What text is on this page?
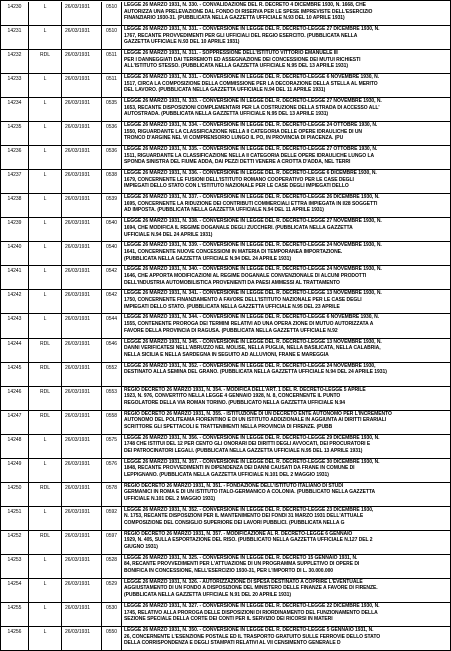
14230	L	26/03/1931	0510	LEGGE 26 MARZO 1931, N. 330. - CONVALIDAZIONE DEL R. DECRETO 4 DICEMBRE 1930, N. 1668, CHE
AUTORIZZA UNA PRELEVAZIONE DAL FONDO DI RISERVA PER LE SPESE IMPREVISTE DELL'ESERCIZIO
FINANZIARIO 1930-31. (PUBBLICATA NELLA GAZZETTA UFFICIALE N.93 DEL 10 APRILE 1931)
14231	L	26/03/1931	0510	LEGGE 26 MARZO 1931, N. 331. - CONVERSIONE IN LEGGE DEL R. DECRETO-LEGGE 27 DICEMBRE 1930, N.
1767, RECANTE PROVVEDIMENTI PER GLI UFFICIALI DEL REGIO ESERCITO. (PUBBLICATA NELLA
GAZZETTA UFFICIALE N.93 DEL 10 APRILE 1931)
14232	RDL	26/03/1931	0511	LEGGE 26 MARZO 1931, N. 311. - SOPPRESSIONE DELL'ISTITUTO VITTORIO EMANUELE III
PER I DANNEGGIATI DAI TERREMOTI ED ASSEGNAZIONE DEI CONCESSIONE DEI MUTUI RICHIESTI
ALL'ISTITUTO STESSO. (PUBBLICATA NELLA GAZZETTA UFFICIALE N.95 DEL 13 APRILE 1931)
14233	L	26/03/1931	0511	LEGGE 26 MARZO 1931, N. 331. - CONVERSIONE IN LEGGE DEL R. DECRETO-LEGGE 6 NOVEMBRE 1930, N.
1517, CIRCA LA COMPOSIZIONE DELLA COMMISSIONE PER LA DECORAZIONE DELLA STELLA AL MERITO
DEL LAVORO. (PUBBLICATA NELLA GAZZETTA UFFICIALE N.94 DEL 11 APRILE 1931)
14234	L	26/03/1931	0535	LEGGE 26 MARZO 1931, N. 333. - CONVERSIONE IN LEGGE DEL R. DECRETO-LEGGE 27 NOVEMBRE 1930, N.
1653, RECANTE DISPOSIZIONI COMPLEMENTARI PER LA COSTRUZIONE DELLA STRADA DI ACCESSO ALL'
AUTOSTRADA. (PUBBLICATA NELLA GAZZETTA UFFICIALE N.95 DEL 13 APRILE 1931)
14235	L	26/03/1931	0536	LEGGE 26 MARZO 1931, N. 334. - CONVERSIONE IN LEGGE DEL R. DECRETO-LEGGE 24 OTTOBRE 1930, N.
1550, RIGUARDANTE LA CLASSIFICAZIONE NELLA II CATEGORIA DELLE OPERE IDRAULICHE DI UN
TRONCO D'ARGINE NEL VI COMPRENSORIO LUNGO IL PO, IN PROVINCIA DI PIACENZA. (PU
14236	L	26/03/1931	0536	LEGGE 26 MARZO 1931, N. 335. - CONVERSIONE IN LEGGE DEL R. DECRETO-LEGGE 27 OTTOBRE 1930, N.
1511, RIGUARDANTE LA CLASSIFICAZIONE NELLA II CATEGORIA DELLE OPERE IDRAULICHE LUNGO LA
SPONDA SINISTRA DEL FIUME ADDA, DAI PEZZI DETTI VENERE A CROTTA D'ADDA, NEL TERRI
14237	L	26/03/1931	0538	LEGGE 26 MARZO 1931, N. 336. - CONVERSIONE IN LEGGE DEL R. DECRETO-LEGGE 6 DICEMBRE 1930, N.
1679, CONCERNENTE LE FUSIONI DELL'ISTITUTO ROMANO COOPERATIVO PER LE CASE DEGLI
IMPIEGATI DELLO STATO CON L'ISTITUTO NAZIONALE PER LE CASE DEGLI IMPIEGATI DELLO
14238	L	26/03/1931	0539	LEGGE 26 MARZO 1931, N. 337. - CONVERSIONE IN LEGGE DEL R. DECRETO-LEGGE 26 DICEMBRE 1930, N.
1695, CONCERNENTE LA RIDUZIONE DEI CONTRIBUTI COMMERCIALI ETTRA IMPIEGATA IN I/28 SOGGETTI
AD IMPOSTA. (PUBBLICATA NELLA GAZZETTA UFFICIALE N.94 DEL 11 APRILE 1931)
14239	L	26/03/1931	0540	LEGGE 26 MARZO 1931, N. 338. - CONVERSIONE IN LEGGE DEL R. DECRETO-LEGGE 27 NOVEMBRE 1930, N.
1694, CHE MODIFICA IL REGIME DOGANALE DEGLI ZUCCHERI. (PUBBLICATA NELLA GAZZETTA
UFFICIALE N.94 DEL 24 APRILE 1931)
14240	L	26/03/1931	0540	LEGGE 26 MARZO 1931, N. 339. - CONVERSIONE IN LEGGE DEL R. DECRETO-LEGGE 24 NOVEMBRE 1930, N.
1641, CONCERNENTE NUOVE CONCESSIONI IN MATERIA DI TEMPORANEA IMPORTAZIONE.
(PUBBLICATA NELLA GAZZETTA UFFICIALE N.94 DEL 24 APRILE 1931)
14241	L	26/03/1931	0542	LEGGE 26 MARZO 1931, N. 340. - CONVERSIONE IN LEGGE DEL R. DECRETO-LEGGE 24 NOVEMBRE 1930, N.
1646, CHE APPORTA MODIFICAZIONI AL REGIME DOGANALE CONVENZIONALE DI ALCUNI PRODOTTI
DELL'INDUSTRIA AUTOMOBILISTICA PROVENIENTI DA PAESI AMMESSI AL TRATTAMENTO
14242	L	26/03/1931	0542	LEGGE 26 MARZO 1931, N. 341. - CONVERSIONE IN LEGGE DEL R. DECRETO-LEGGE 13 NOVEMBRE 1930, N.
1750, CONCERNENTE FINANZIAMENTO A FAVORE DELL'ISTITUTO NAZIONALE PER LE CASE DEGLI
IMPIEGATI DELLO STATO. (PUBBLICATA NELLA GAZZETTA UFFICIALE N.95 DEL 23 APRILE
14243	L	26/03/1931	0544	LEGGE 26 MARZO 1931, N. 344. - CONVERSIONE IN LEGGE DEL R. DECRETO-LEGGE 6 NOVEMBRE 1930, N.
1555, CONTENENTE PROROGA DEI TERMINI RELATIVI AD UNA OPERA ZIONE DI MUTUO AUTORIZZATA A
FAVORE DELLA PROVINCIA DI RAGUSA. (PUBBLICATA NELLA GAZZETTA UFFICIALE N.92
14244	RDL	26/03/1931	0546	LEGGE 26 MARZO 1931, N. 345. - CONVERSIONE IN LEGGE DEL R. DECRETO-LEGGE 13 NOVEMBRE 1930, N.
DANNI VERIFICATESI NELL'ABRUZZO NEL MOLISE, NELLA PUGLIA, NELLA BASILICATA, NELLA CALABRIA,
NELLA SICILIA E NELLA SARDEGNA IN SEGUITO AD ALLUVIONI, FRANE E MAREGGIA
14245	RDL	26/03/1931	0552	LEGGE 26 MARZO 1931, N. 352. - CONVERSIONE IN LEGGE DEL R. DECRETO-LEGGE 24 NOVEMBRE 1930,
DESTINATO ALLA SEMINA DEL GRANO. (PUBBLICATA NELLA GAZZETTA UFFICIALE N.94 DEL 24 APRILE 1931)
14246	RDL	26/03/1931	0553	REGIO DECRETO 26 MARZO 1931, N. 354. - MODIFICA DELL'ART. 1 DEL R. DECRETO-LEGGE 5 APRILE
1923, N. 976, CONVERTITO NELLA LEGGE 4 GENNAIO 1928, N. 8, CONCERNENTE IL PUNTO
REGOLATORE DELLA VIA ROMAN TORINO. (PUBBLICATO NELLA GAZZETTA UFFICIALE N.94
14247	RDL	26/03/1931	0558	REGIO DECRETO 26 MARZO 1931, N. 355. - ISTITUZIONE DI UN DECRETO ENTE AUTONOMO PER L'INCREMENTO
AUTONOMO DEL POLITEAMA FIORENTINO E DI UN ISTITUTO ADDIZIONALE IN AGGIUNTA AI DIRITTI ERARIALI
SCRITTORE GLI SPETTACOLI E TRATTENIMENTI NELLA PROVINCIA DI FIRENZE. (PUBB
14248	L	26/03/1931	0575	LEGGE 26 MARZO 1931, N. 356. - CONVERSIONE IN LEGGE DEL R. DECRETO-LEGGE 29 DICEMBRE 1930, N.
1748 CHE ISTITUI DEL 12 PER CENTO GLI ONORARI DEI DIRITTI DEGLI AVVOCATI, DEI PROCURATORI E
DEI PATROCINATORI LEGALI. (PUBBLICATA NELLA GAZZETTA UFFICIALE N.95 DEL 13 APRILE 1931)
14249	L	26/03/1931	0576	LEGGE 26 MARZO 1931, N. 357. - CONVERSIONE IN LEGGE DEL R. DECRETO-LEGGE 30 DICEMBRE 1930, N.
1848, RECANTE PROVVEDIMENTI IN DIPENDENZA DEI DANNI CAUSATI DA FRANE IN COMUNE DI
LEPPIGNANO. (PUBBLICATA NELLA GAZZETTA UFFICIALE N.101 DEL 2 MAGGIO 1931)
14250	RDL	26/03/1931	0578	REGIO DECRETO 26 MARZO 1931, N. 351. - FONDAZIONE DELL'ISTITUTO ITALIANO DI STUDI
GERMANICI IN ROMA E DI UN ISTITUTO ITALO-GERMANICO A COLONIA. (PUBBLICATO NELLA GAZZETTA
UFFICIALE N.101 DEL 2 MAGGIO 1931)
14251	L	26/03/1931	0592	LEGGE 26 MARZO 1931, N. 352. - CONVERSIONE IN LEGGE DEL R. DECRETO-LEGGE 23 DICEMBRE 1930,
N. 1753, RECANTE DISPOSIZIONI PER IL MANTENIMENTO DEI FONDI 31 MARZO 1931 DELL'ATTUALE
COMPOSIZIONE DEL CONSIGLIO SUPERIORE DEI LAVORI PUBBLICI. (PUBBLICATA NELLA G
14252	RDL	26/03/1931	0597	REGIO DECRETO 26 MARZO 1931, N. 357. - MODIFICAZIONE AL R. DECRETO-LEGGE 6 GENNAIO
1929, N. 405, SULLA ESPORTAZIONE DEL RISO. (PUBBLICATO NELLA GAZZETTA UFFICIALE N.127 DEL 2
GIUGNO 1931)
14253	L	26/03/1931	0528	LEGGE 26 MARZO 1931, N. 325. - CONVERSIONE IN LEGGE DEL R. DECRETO 15 GENNAIO 1931, N.
84, RECANTE PROVVEDIMENTI PER L'ATTUAZIONE DI UN PROGRAMMA SUPPLETIVO DI OPERE DI
BONIFICA IN CONCESSIONE, NELL'ESERCIZIO 1930-31, PER L'IMPORTO DI L. 30.000.000
14254	L	26/03/1931	0529	LEGGE 26 MARZO 1931, N. 326. - AUTORIZZAZIONE DI SPESA DESTINATO A COPRIRE L'EVENTUALE
AGGIUSTAMENTO DI UN FONDO A DISPOSIZIONE DEL MINISTERO DELLE FINANZE A FAVORE DI FIRENZE.
(PUBBLICATA NELLA GAZZETTA UFFICIALE N.91 DEL 20 APRILE 1931)
14255	L	26/03/1931	0530	LEGGE 26 MARZO 1931, N. 327. - CONVERSIONE IN LEGGE DEL R. DECRETO-LEGGE 22 DICEMBRE 1930, N.
1745, RELATIVO ALLA PROROGA DELLE DISPOSIZIONI DI RIORDINAMENTO DEL FUNZIONAMENTO DELLA
SEZIONE SPECIALE DELLA CORTE DEI CONTI PER IL SERVIZIO DEI RICORSI IN MATERI
14256	L	26/03/1931	0550	LEGGE 26 MARZO 1931, N. 350. - CONVERSIONE IN LEGGE DEL R. DECRETO-LEGGE 5 GENNAIO 1931, N.
26, CONCERNENTE L'ESENZIONE POSTALE ED IL TRASPORTO GRATUITO SULLE FERROVIE DELLO STATO
DELLA CORRISPONDENZA E DEGLI STAMPATI RELATIVI AL VII CENSIMENTO GENERALE D
